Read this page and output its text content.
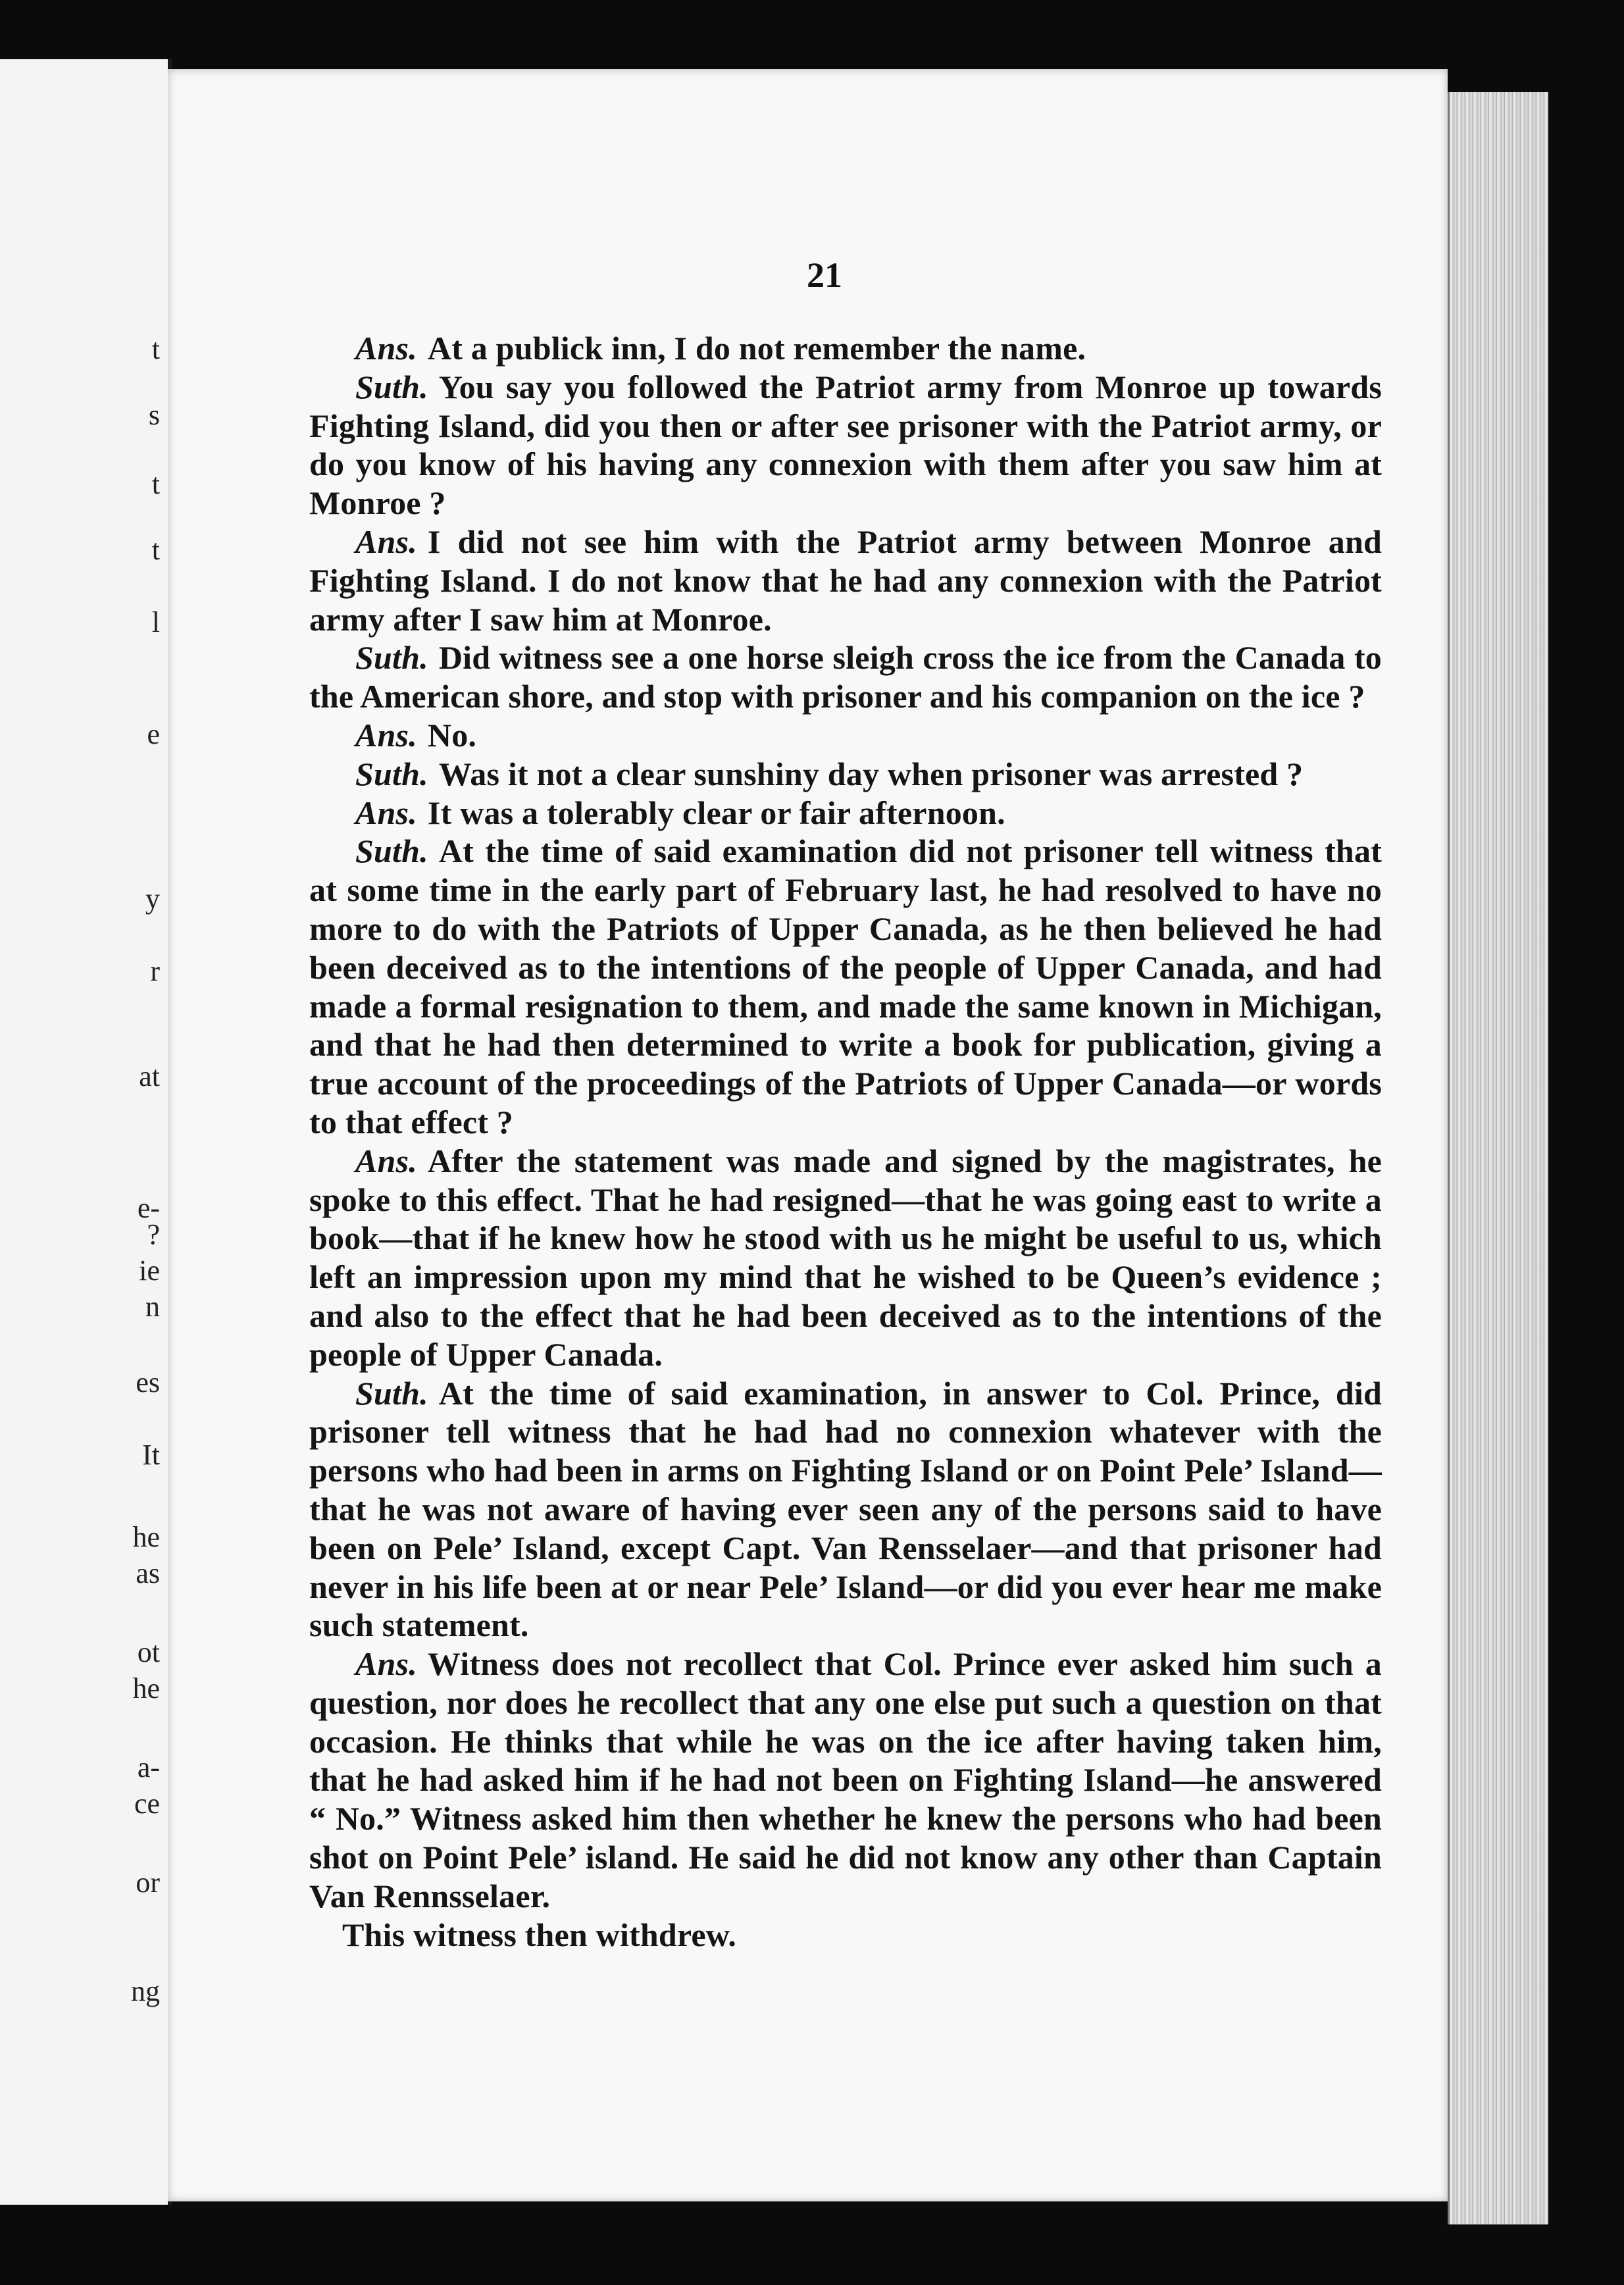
t
s
t
t
l
e
y
r
at
e-
?
ie
n
es
It
he
as
ot
he
a-
ce
or
ng
21

Ans. At a publick inn, I do not remember the name.

Suth. You say you followed the Patriot army from Monroe up towards Fighting Island, did you then or after see prisoner with the Patriot army, or do you know of his having any connexion with them after you saw him at Monroe ?

Ans. I did not see him with the Patriot army between Monroe and Fighting Island. I do not know that he had any connexion with the Patriot army after I saw him at Monroe.

Suth. Did witness see a one horse sleigh cross the ice from the Canada to the American shore, and stop with prisoner and his companion on the ice ?

Ans. No.

Suth. Was it not a clear sunshiny day when prisoner was arrested ?

Ans. It was a tolerably clear or fair afternoon.

Suth. At the time of said examination did not prisoner tell witness that at some time in the early part of February last, he had resolved to have no more to do with the Patriots of Upper Canada, as he then believed he had been deceived as to the intentions of the people of Upper Canada, and had made a formal resignation to them, and made the same known in Michigan, and that he had then determined to write a book for publication, giving a true account of the proceedings of the Patriots of Upper Canada—or words to that effect ?

Ans. After the statement was made and signed by the magistrates, he spoke to this effect. That he had resigned—that he was going east to write a book—that if he knew how he stood with us he might be useful to us, which left an impression upon my mind that he wished to be Queen’s evidence ; and also to the effect that he had been deceived as to the intentions of the people of Upper Canada.

Suth. At the time of said examination, in answer to Col. Prince, did prisoner tell witness that he had had no connexion whatever with the persons who had been in arms on Fighting Island or on Point Pele’ Island—that he was not aware of having ever seen any of the persons said to have been on Pele’ Island, except Capt. Van Rensselaer—and that prisoner had never in his life been at or near Pele’ Island—or did you ever hear me make such statement.

Ans. Witness does not recollect that Col. Prince ever asked him such a question, nor does he recollect that any one else put such a question on that occasion. He thinks that while he was on the ice after having taken him, that he had asked him if he had not been on Fighting Island—he answered “ No.” Witness asked him then whether he knew the persons who had been shot on Point Pele’ island. He said he did not know any other than Captain Van Rennsselaer.

This witness then withdrew.
